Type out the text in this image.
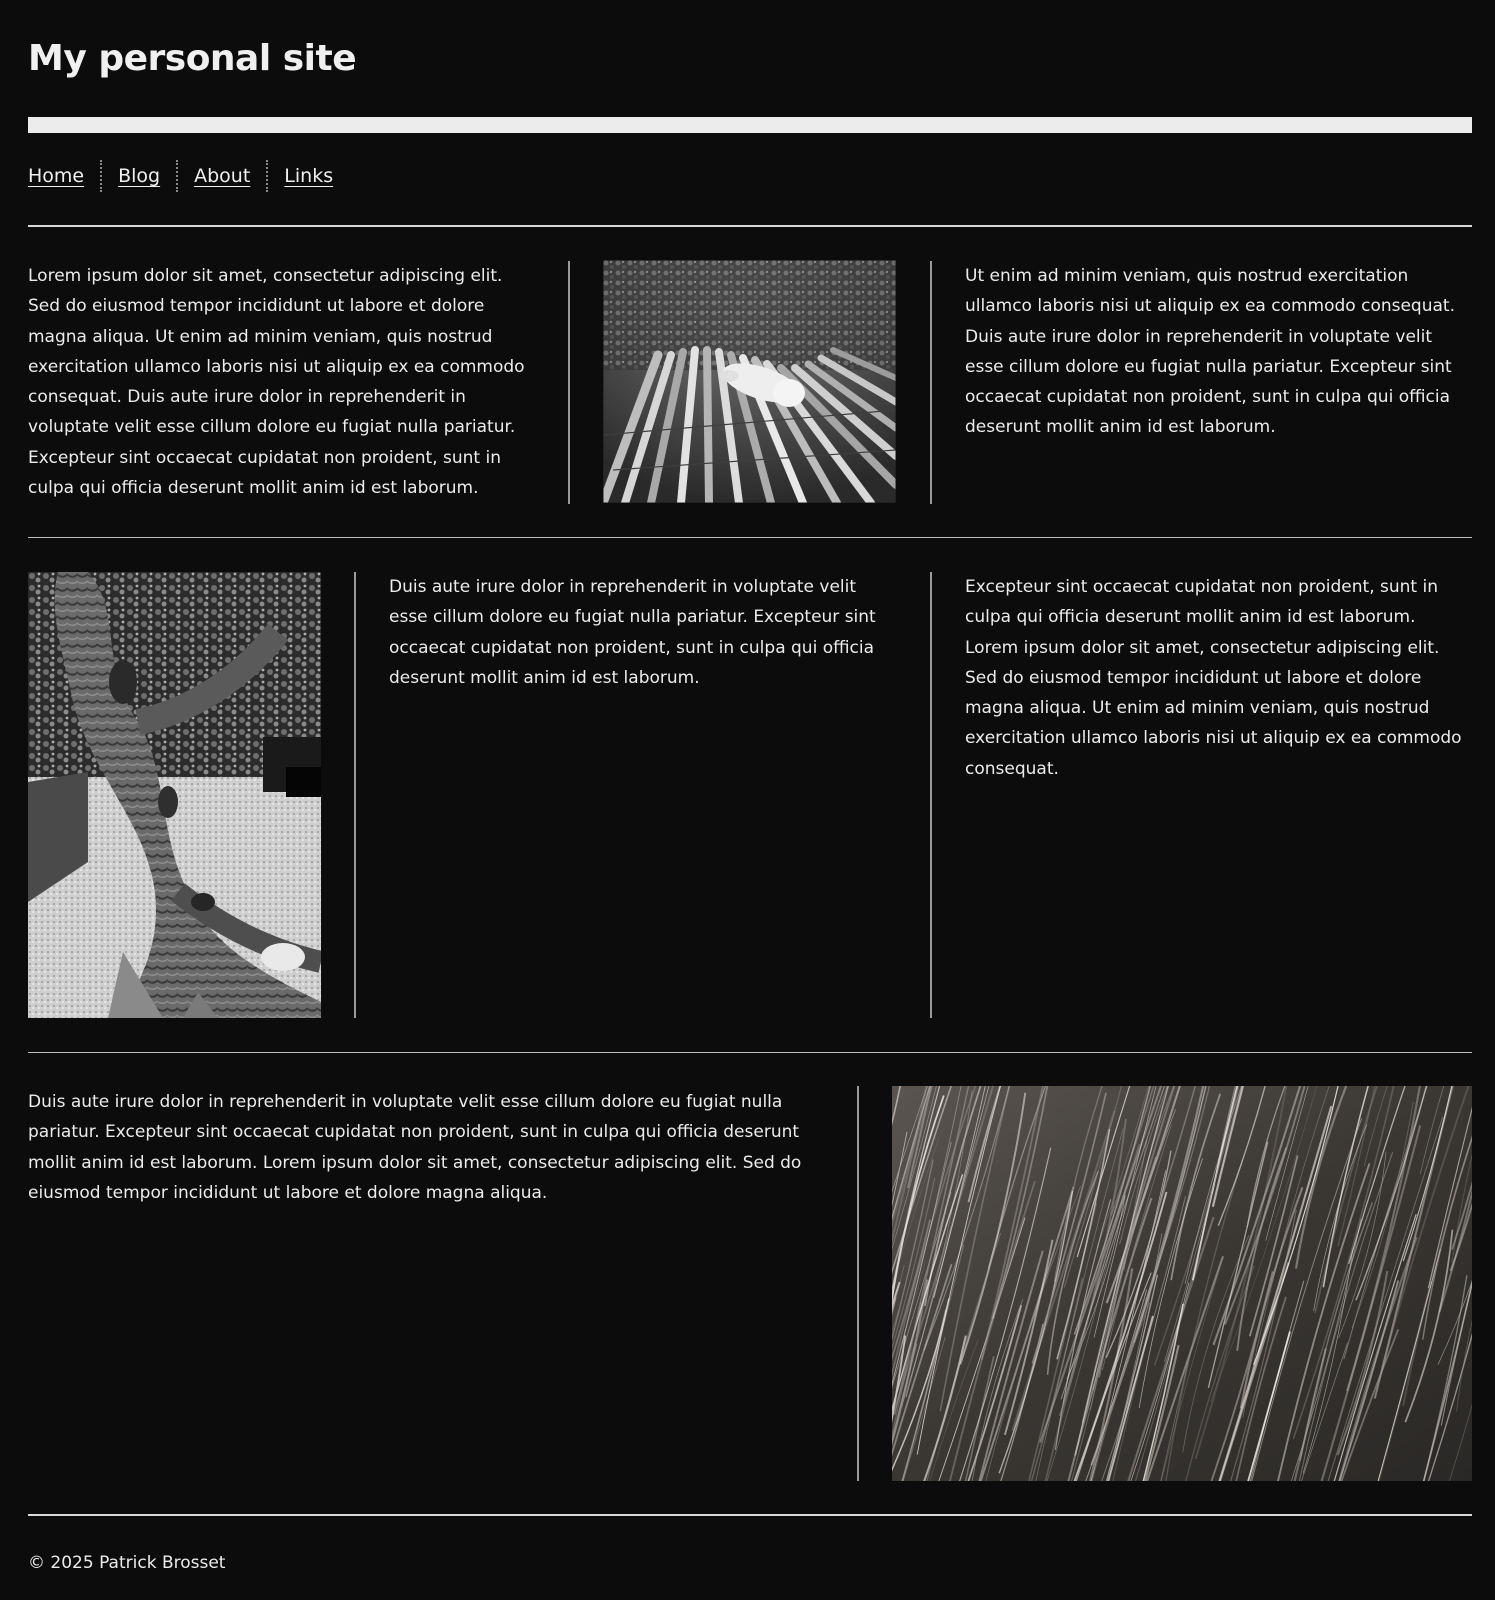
My personal site
Home Blog About Links

Lorem ipsum dolor sit amet, consectetur adipiscing elit. Sed do eiusmod tempor incididunt ut labore et dolore magna aliqua. Ut enim ad minim veniam, quis nostrud exercitation ullamco laboris nisi ut aliquip ex ea commodo consequat. Duis aute irure dolor in reprehenderit in voluptate velit esse cillum dolore eu fugiat nulla pariatur. Excepteur sint occaecat cupidatat non proident, sunt in culpa qui officia deserunt mollit anim id est laborum.

Ut enim ad minim veniam, quis nostrud exercitation ullamco laboris nisi ut aliquip ex ea commodo consequat. Duis aute irure dolor in reprehenderit in voluptate velit esse cillum dolore eu fugiat nulla pariatur. Excepteur sint occaecat cupidatat non proident, sunt in culpa qui officia deserunt mollit anim id est laborum.

Duis aute irure dolor in reprehenderit in voluptate velit esse cillum dolore eu fugiat nulla pariatur. Excepteur sint occaecat cupidatat non proident, sunt in culpa qui officia deserunt mollit anim id est laborum.

Excepteur sint occaecat cupidatat non proident, sunt in culpa qui officia deserunt mollit anim id est laborum. Lorem ipsum dolor sit amet, consectetur adipiscing elit. Sed do eiusmod tempor incididunt ut labore et dolore magna aliqua. Ut enim ad minim veniam, quis nostrud exercitation ullamco laboris nisi ut aliquip ex ea commodo consequat.

Duis aute irure dolor in reprehenderit in voluptate velit esse cillum dolore eu fugiat nulla pariatur. Excepteur sint occaecat cupidatat non proident, sunt in culpa qui officia deserunt mollit anim id est laborum. Lorem ipsum dolor sit amet, consectetur adipiscing elit. Sed do eiusmod tempor incididunt ut labore et dolore magna aliqua.

© 2025 Patrick Brosset
